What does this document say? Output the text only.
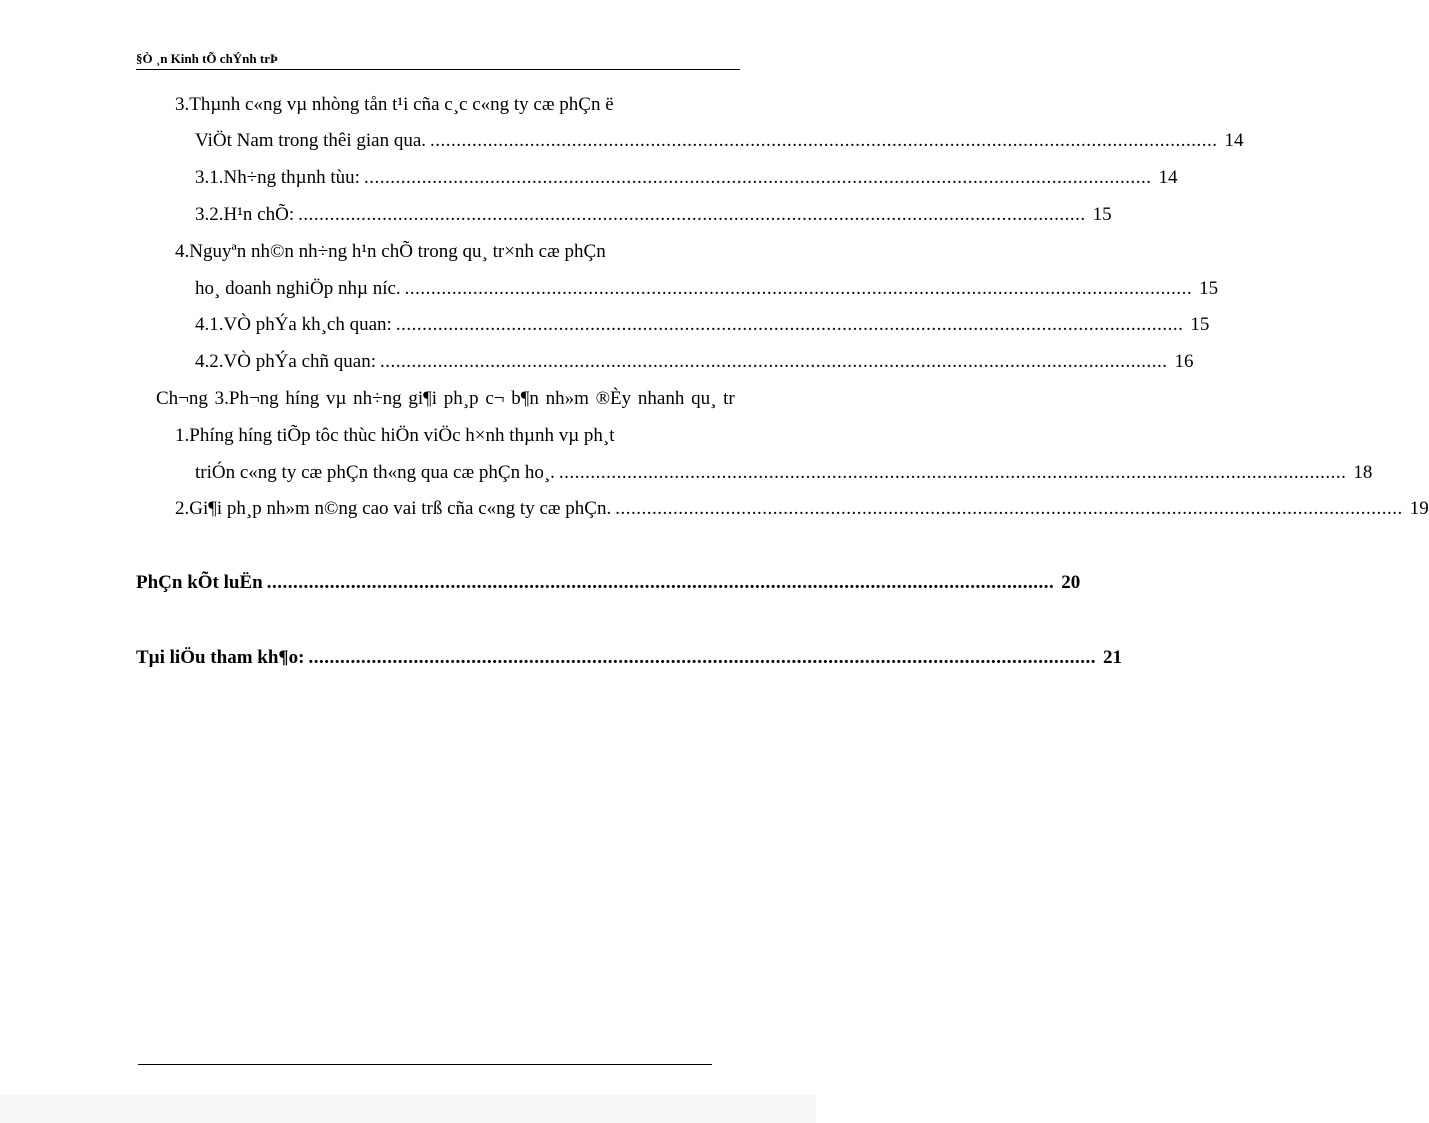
§Ò ¸n Kinh tÕ chÝnh trÞ
3.Thµnh c«ng vµ nhòng tån t¹i cña c¸c c«ng ty cæ phÇn ë
ViÖt Nam trong thêi gian qua. ...................................................................................................................................................... 14
3.1.Nh÷ng thµnh tùu: ...................................................................................................................................................... 14
3.2.H¹n chÕ: ...................................................................................................................................................... 15
4.Nguyªn nh©n nh÷ng h¹n chÕ trong qu¸ tr×nh cæ phÇn
ho¸ doanh nghiÖp nhµ níc. ...................................................................................................................................................... 15
4.1.VÒ phÝa kh¸ch quan: ...................................................................................................................................................... 15
4.2.VÒ phÝa chñ quan: ...................................................................................................................................................... 16
Ch¬ng 3.Ph¬ng híng vµ nh÷ng gi¶i ph¸p c¬ b¶n nh»m ®Èy nhanh qu¸ tr
1.Phíng híng tiÕp tôc thùc hiÖn viÖc h×nh thµnh vµ ph¸t
triÓn c«ng ty cæ phÇn th«ng qua cæ phÇn ho¸. ...................................................................................................................................................... 18
2.Gi¶i ph¸p nh»m n©ng cao vai trß cña c«ng ty cæ phÇn. ...................................................................................................................................................... 19
PhÇn kÕt luËn ...................................................................................................................................................... 20
Tµi liÖu tham kh¶o: ...................................................................................................................................................... 21
